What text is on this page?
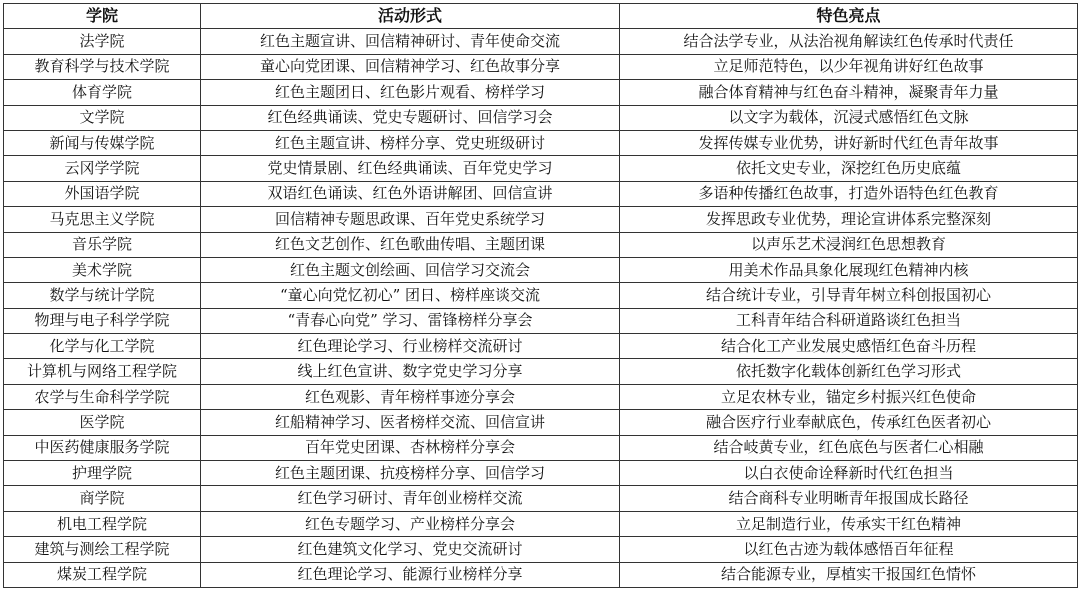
学院	活动形式	特色亮点
法学院	红色主题宣讲、回信精神研讨、青年使命交流	结合法学专业，从法治视角解读红色传承时代责任
教育科学与技术学院	童心向党团课、回信精神学习、红色故事分享	立足师范特色，以少年视角讲好红色故事
体育学院	红色主题团日、红色影片观看、榜样学习	融合体育精神与红色奋斗精神，凝聚青年力量
文学院	红色经典诵读、党史专题研讨、回信学习会	以文字为载体，沉浸式感悟红色文脉
新闻与传媒学院	红色主题宣讲、榜样分享、党史班级研讨	发挥传媒专业优势，讲好新时代红色青年故事
云冈学学院	党史情景剧、红色经典诵读、百年党史学习	依托文史专业，深挖红色历史底蕴
外国语学院	双语红色诵读、红色外语讲解团、回信宣讲	多语种传播红色故事，打造外语特色红色教育
马克思主义学院	回信精神专题思政课、百年党史系统学习	发挥思政专业优势，理论宣讲体系完整深刻
音乐学院	红色文艺创作、红色歌曲传唱、主题团课	以声乐艺术浸润红色思想教育
美术学院	红色主题文创绘画、回信学习交流会	用美术作品具象化展现红色精神内核
数学与统计学院	“童心向党忆初心” 团日、榜样座谈交流	结合统计专业，引导青年树立科创报国初心
物理与电子科学学院	“青春心向党” 学习、雷锋榜样分享会	工科青年结合科研道路谈红色担当
化学与化工学院	红色理论学习、行业榜样交流研讨	结合化工产业发展史感悟红色奋斗历程
计算机与网络工程学院	线上红色宣讲、数字党史学习分享	依托数字化载体创新红色学习形式
农学与生命科学学院	红色观影、青年榜样事迹分享会	立足农林专业，锚定乡村振兴红色使命
医学院	红船精神学习、医者榜样交流、回信宣讲	融合医疗行业奉献底色，传承红色医者初心
中医药健康服务学院	百年党史团课、杏林榜样分享会	结合岐黄专业，红色底色与医者仁心相融
护理学院	红色主题团课、抗疫榜样分享、回信学习	以白衣使命诠释新时代红色担当
商学院	红色学习研讨、青年创业榜样交流	结合商科专业明晰青年报国成长路径
机电工程学院	红色专题学习、产业榜样分享会	立足制造行业，传承实干红色精神
建筑与测绘工程学院	红色建筑文化学习、党史交流研讨	以红色古迹为载体感悟百年征程
煤炭工程学院	红色理论学习、能源行业榜样分享	结合能源专业，厚植实干报国红色情怀
